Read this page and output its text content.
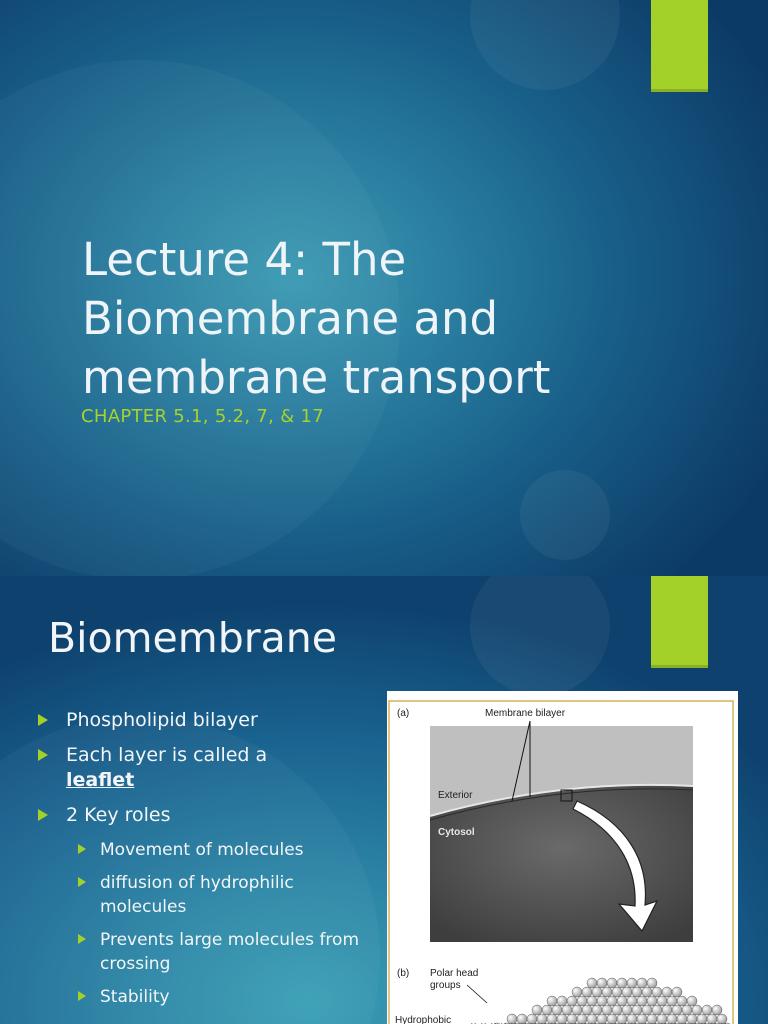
Lecture 4: The
Biomembrane and
membrane transport

CHAPTER 5.1, 5.2, 7, & 17

Biomembrane
Phospholipid bilayer
Each layer is called a
leaflet
2 Key roles
Movement of molecules
diffusion of hydrophilic molecules
Prevents large molecules from crossing
Stability
(a)	Membrane bilayer
Exterior
Cytosol
(b) Polar head
groups
Hydrophobic
